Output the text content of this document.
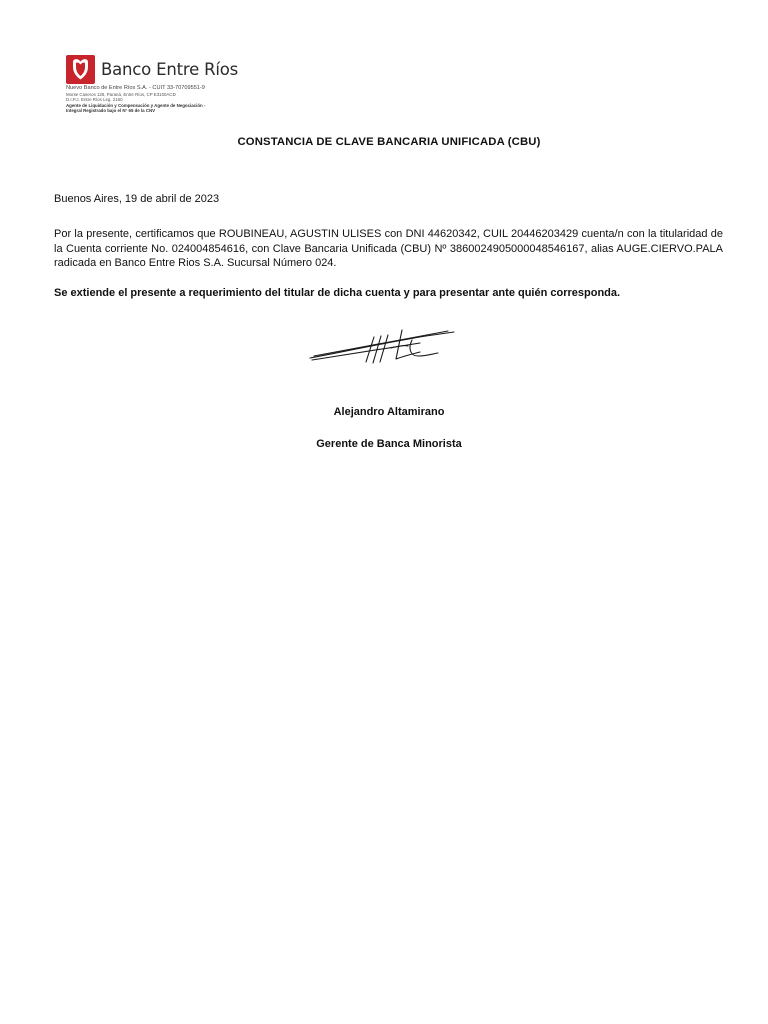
Banco Entre Ríos
Nuevo Banco de Entre Ríos S.A. - CUIT 33-70709551-9
Monte Caseros 128, Paraná, Entre Ríos, CP E3100ACD
D.I.P.J. Entre Ríos Leg. 2160
Agente de Liquidación y Compensación y Agente de Negociación -
Integral Registrado bajo el N° 65 de la CNV
CONSTANCIA DE CLAVE BANCARIA UNIFICADA (CBU)
Buenos Aires, 19 de abril de 2023
Por la presente, certificamos que ROUBINEAU, AGUSTIN ULISES con DNI 44620342, CUIL 20446203429 cuenta/n con la titularidad de la Cuenta corriente No. 024004854616, con Clave Bancaria Unificada (CBU) Nº 3860024905000048546167, alias AUGE.CIERVO.PALA radicada en Banco Entre Rios S.A. Sucursal Número 024.
Se extiende el presente a requerimiento del titular de dicha cuenta y para presentar ante quién corresponda.
Alejandro Altamirano
Gerente de Banca Minorista
